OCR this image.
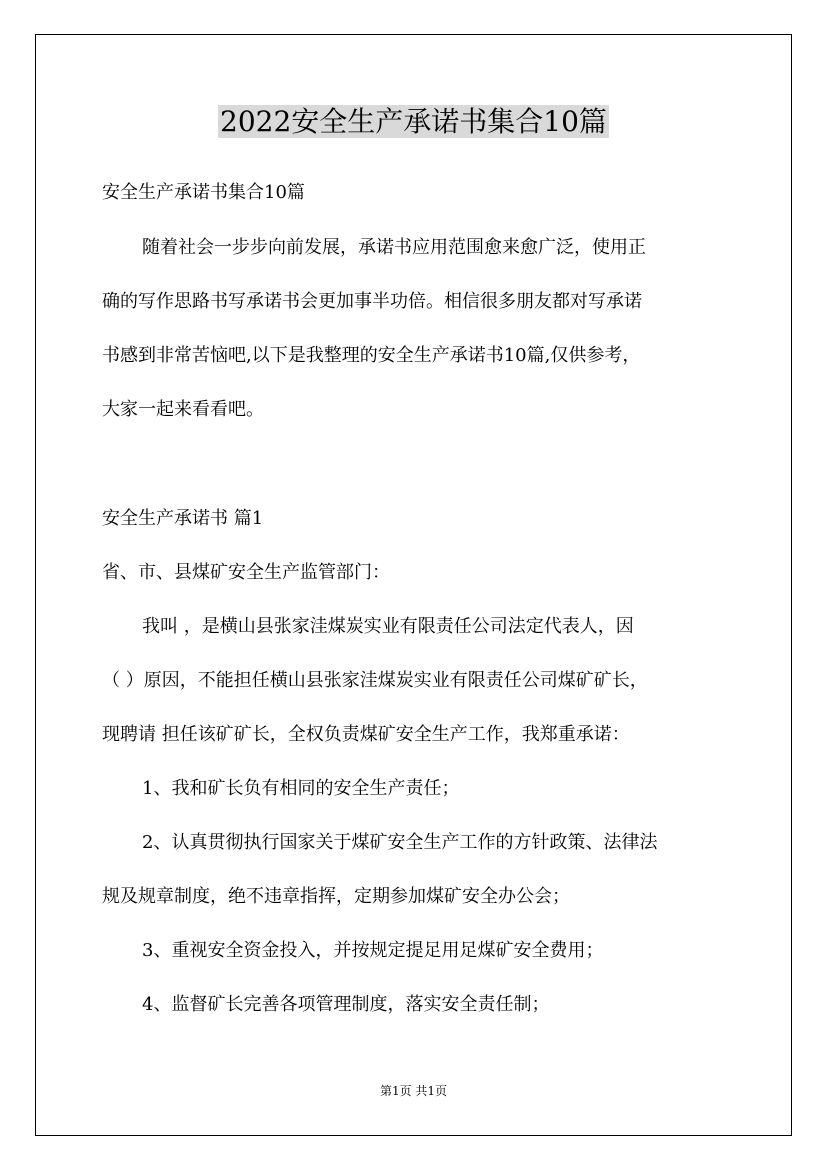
2022安全生产承诺书集合10篇
安全生产承诺书集合10篇
随着社会一步步向前发展，承诺书应用范围愈来愈广泛，使用正
确的写作思路书写承诺书会更加事半功倍。相信很多朋友都对写承诺
书感到非常苦恼吧,以下是我整理的安全生产承诺书10篇,仅供参考，
大家一起来看看吧。
安全生产承诺书 篇1
省、市、县煤矿安全生产监管部门：
我叫 ，是横山县张家洼煤炭实业有限责任公司法定代表人，因
（ ）原因，不能担任横山县张家洼煤炭实业有限责任公司煤矿矿长，
现聘请 担任该矿矿长，全权负责煤矿安全生产工作，我郑重承诺：
1、我和矿长负有相同的安全生产责任；
2、认真贯彻执行国家关于煤矿安全生产工作的方针政策、法律法
规及规章制度，绝不违章指挥，定期参加煤矿安全办公会；
3、重视安全资金投入，并按规定提足用足煤矿安全费用；
4、监督矿长完善各项管理制度，落实安全责任制；
第1页 共1页
